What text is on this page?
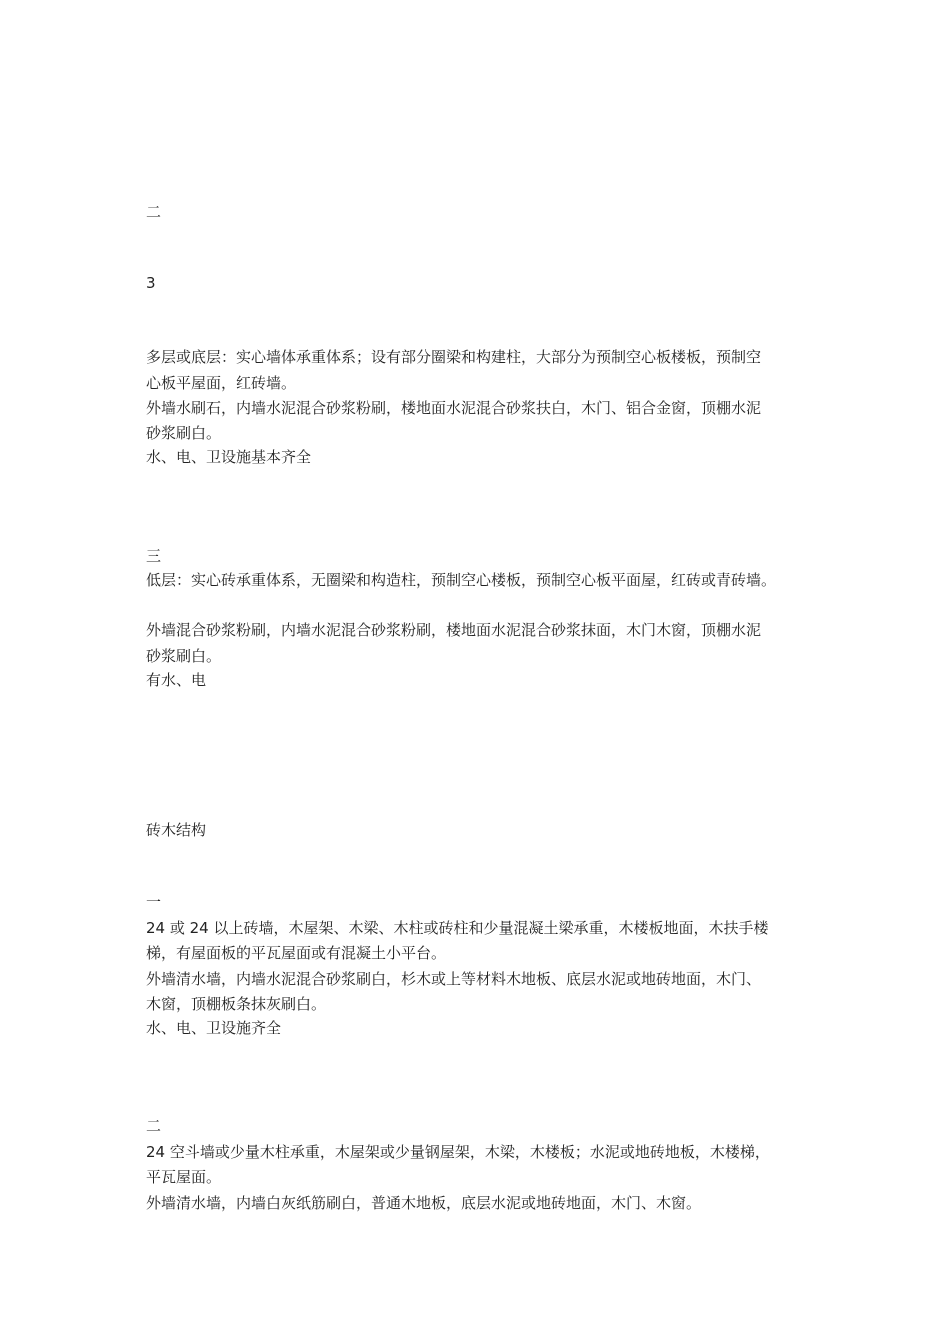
二

3

多层或底层：实心墙体承重体系；设有部分圈梁和构建柱，大部分为预制空心板楼板，预制空

心板平屋面，红砖墙。

外墙水刷石，内墙水泥混合砂浆粉刷，楼地面水泥混合砂浆扶白，木门、铝合金窗，顶棚水泥

砂浆刷白。

水、电、卫设施基本齐全

三

低层：实心砖承重体系，无圈梁和构造柱，预制空心楼板，预制空心板平面屋，红砖或青砖墙。

外墙混合砂浆粉刷，内墙水泥混合砂浆粉刷，楼地面水泥混合砂浆抹面，木门木窗，顶棚水泥

砂浆刷白。

有水、电

砖木结构

一

24 或 24 以上砖墙，木屋架、木梁、木柱或砖柱和少量混凝土梁承重，木楼板地面，木扶手楼

梯，有屋面板的平瓦屋面或有混凝土小平台。

外墙清水墙，内墙水泥混合砂浆刷白，杉木或上等材料木地板、底层水泥或地砖地面，木门、

木窗，顶棚板条抹灰刷白。

水、电、卫设施齐全

二

24 空斗墙或少量木柱承重，木屋架或少量钢屋架，木梁，木楼板；水泥或地砖地板，木楼梯，

平瓦屋面。

外墙清水墙，内墙白灰纸筋刷白，普通木地板，底层水泥或地砖地面，木门、木窗。
